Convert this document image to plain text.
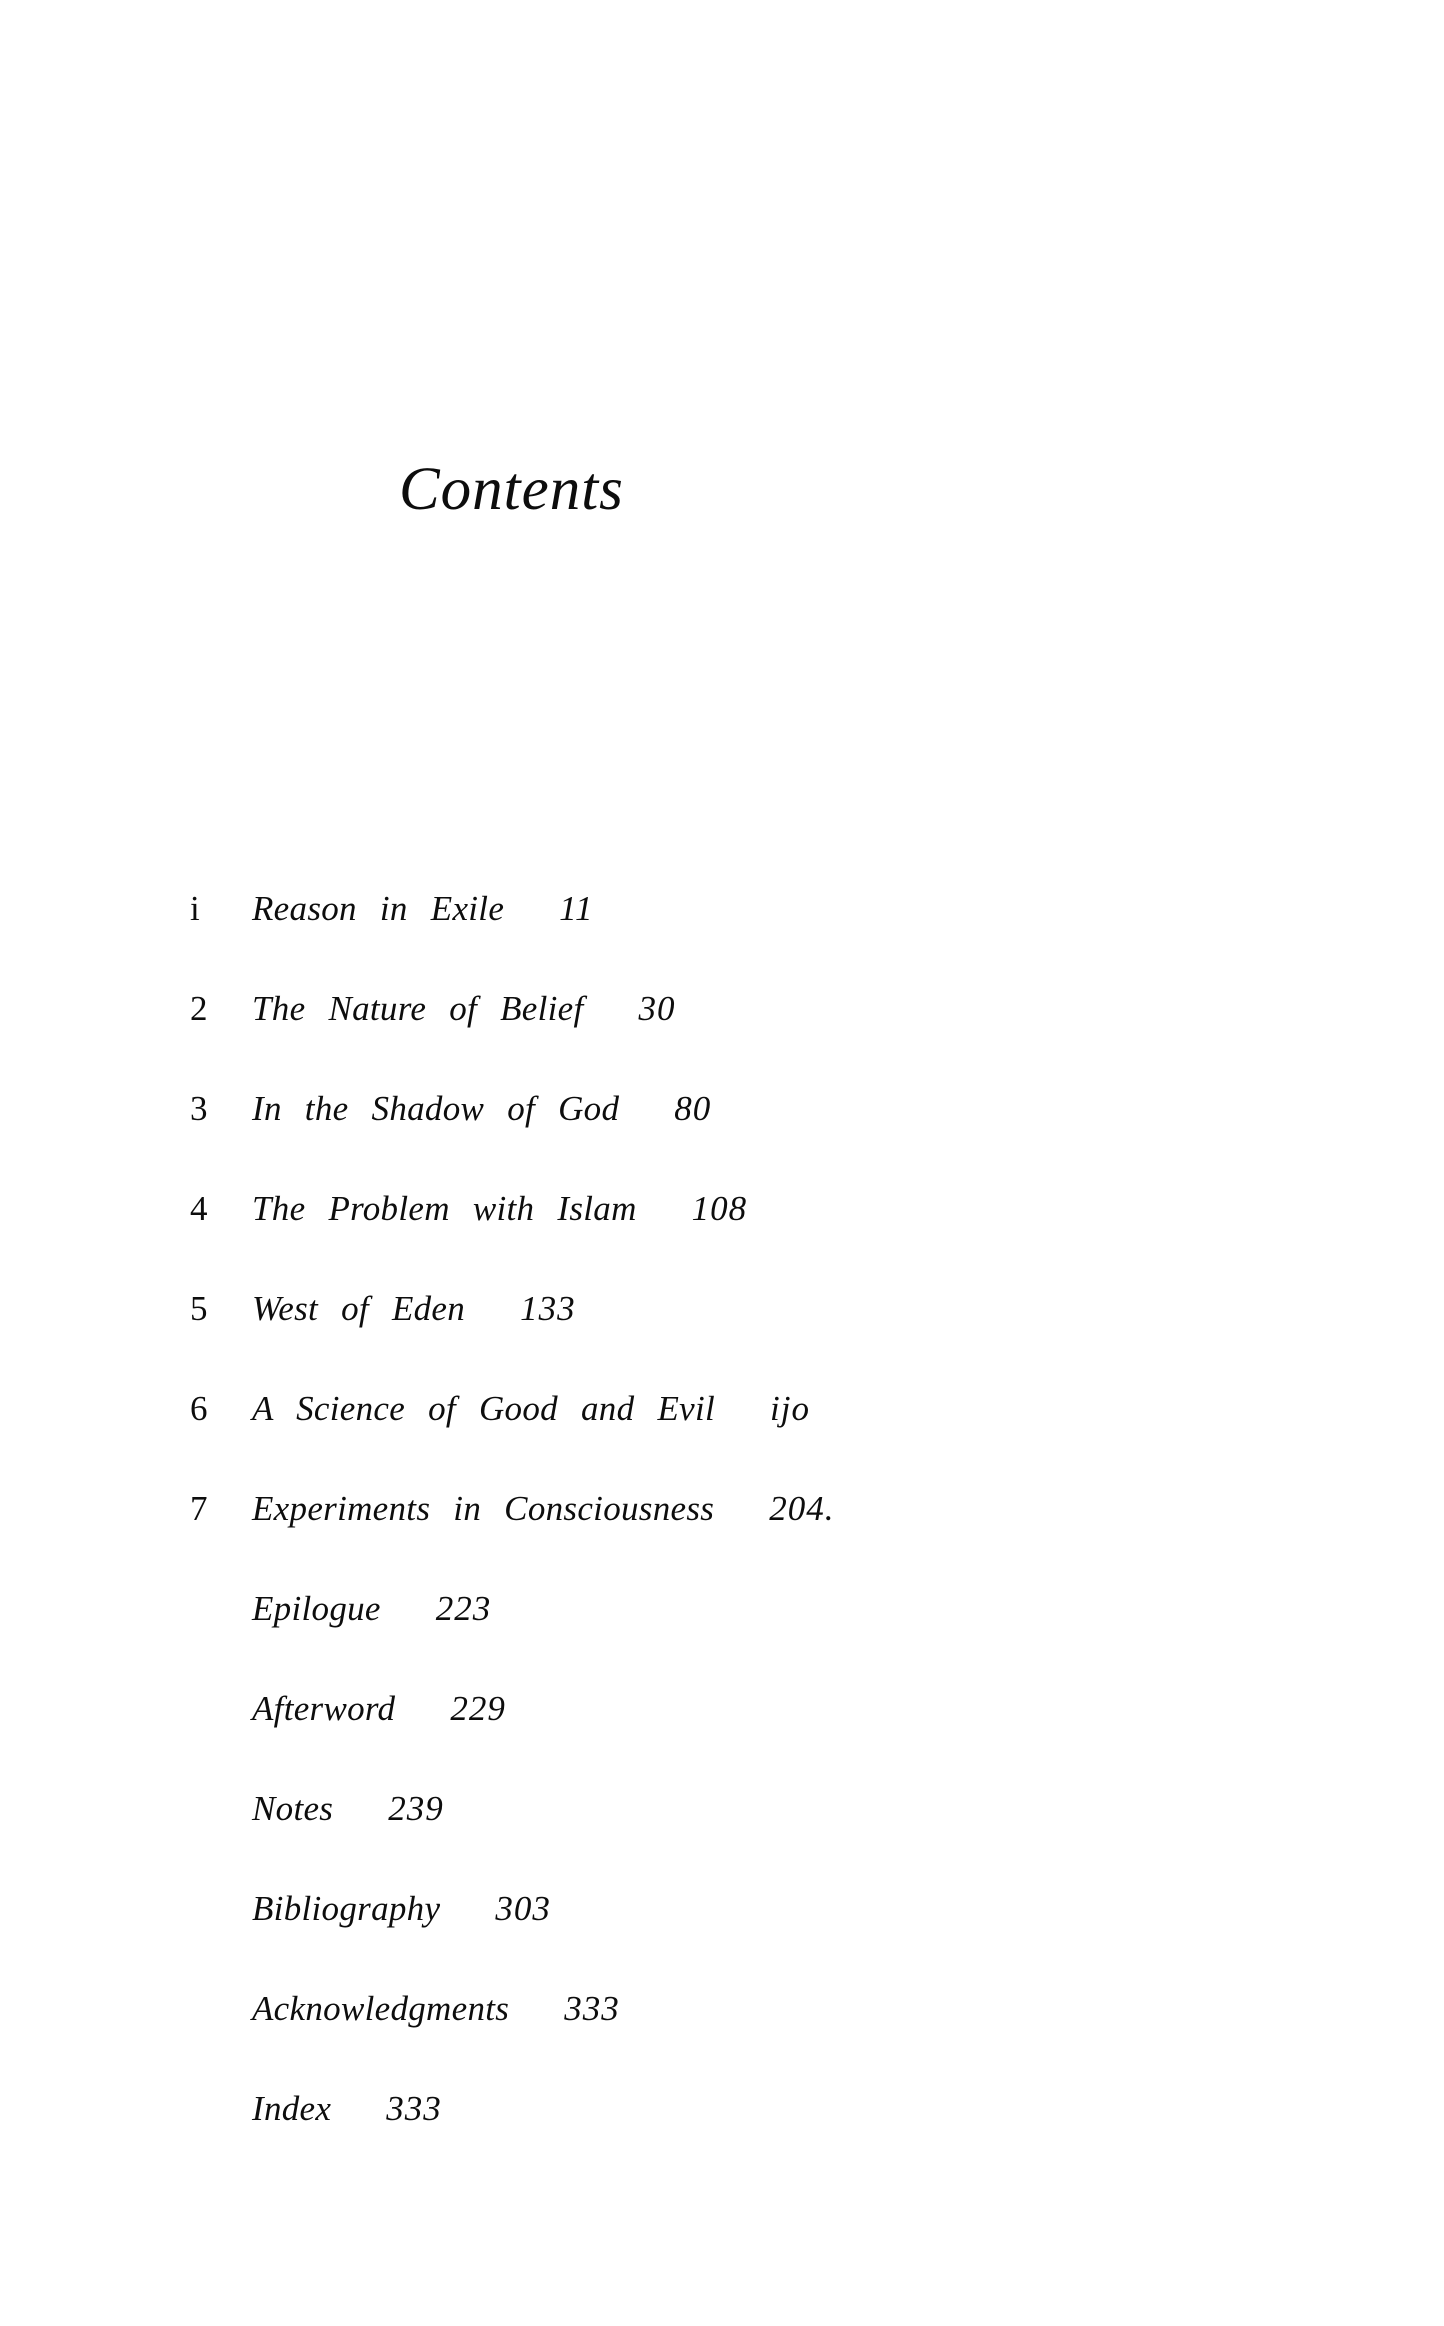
Contents
i Reason in Exile 11
2 The Nature of Belief 30
3 In the Shadow of God 80
4 The Problem with Islam 108
5 West of Eden 133
6 A Science of Good and Evil ijo
7 Experiments in Consciousness 204.
Epilogue 223
Afterword 229
Notes 239
Bibliography 303
Acknowledgments 333
Index 333
